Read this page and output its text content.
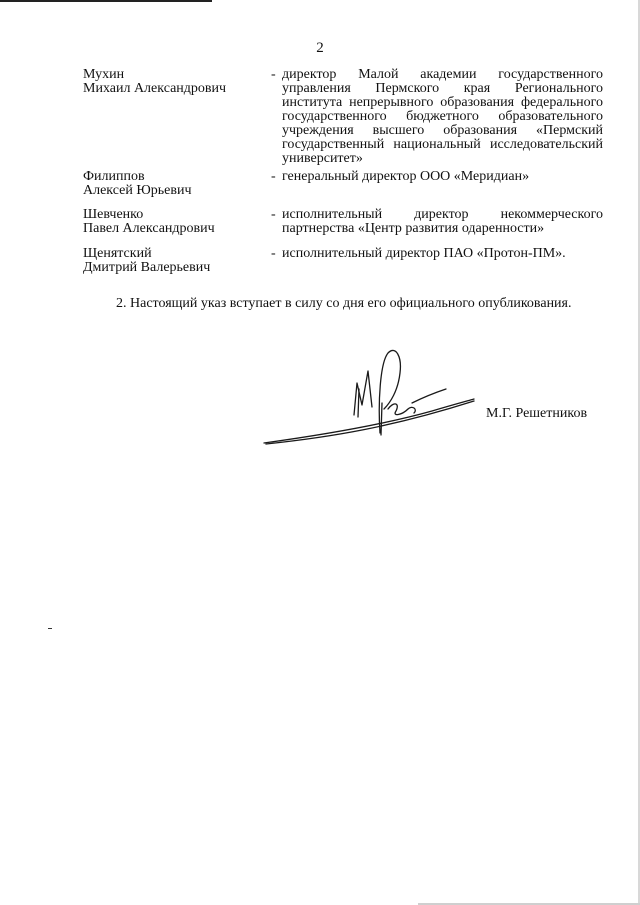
2
Мухин
Михаил Александрович
- директор Малой академии государственного управления Пермского края Регионального института непрерывного образования федерального государственного бюджетного образовательного учреждения высшего образования «Пермский государственный национальный исследовательский университет»
Филиппов
Алексей Юрьевич
- генеральный директор ООО «Меридиан»
Шевченко
Павел Александрович
- исполнительный директор некоммерческого партнерства «Центр развития одаренности»
Щенятский
Дмитрий Валерьевич
- исполнительный директор ПАО «Протон-ПМ».
2. Настоящий указ вступает в силу со дня его официального опубликования.
М.Г. Решетников
